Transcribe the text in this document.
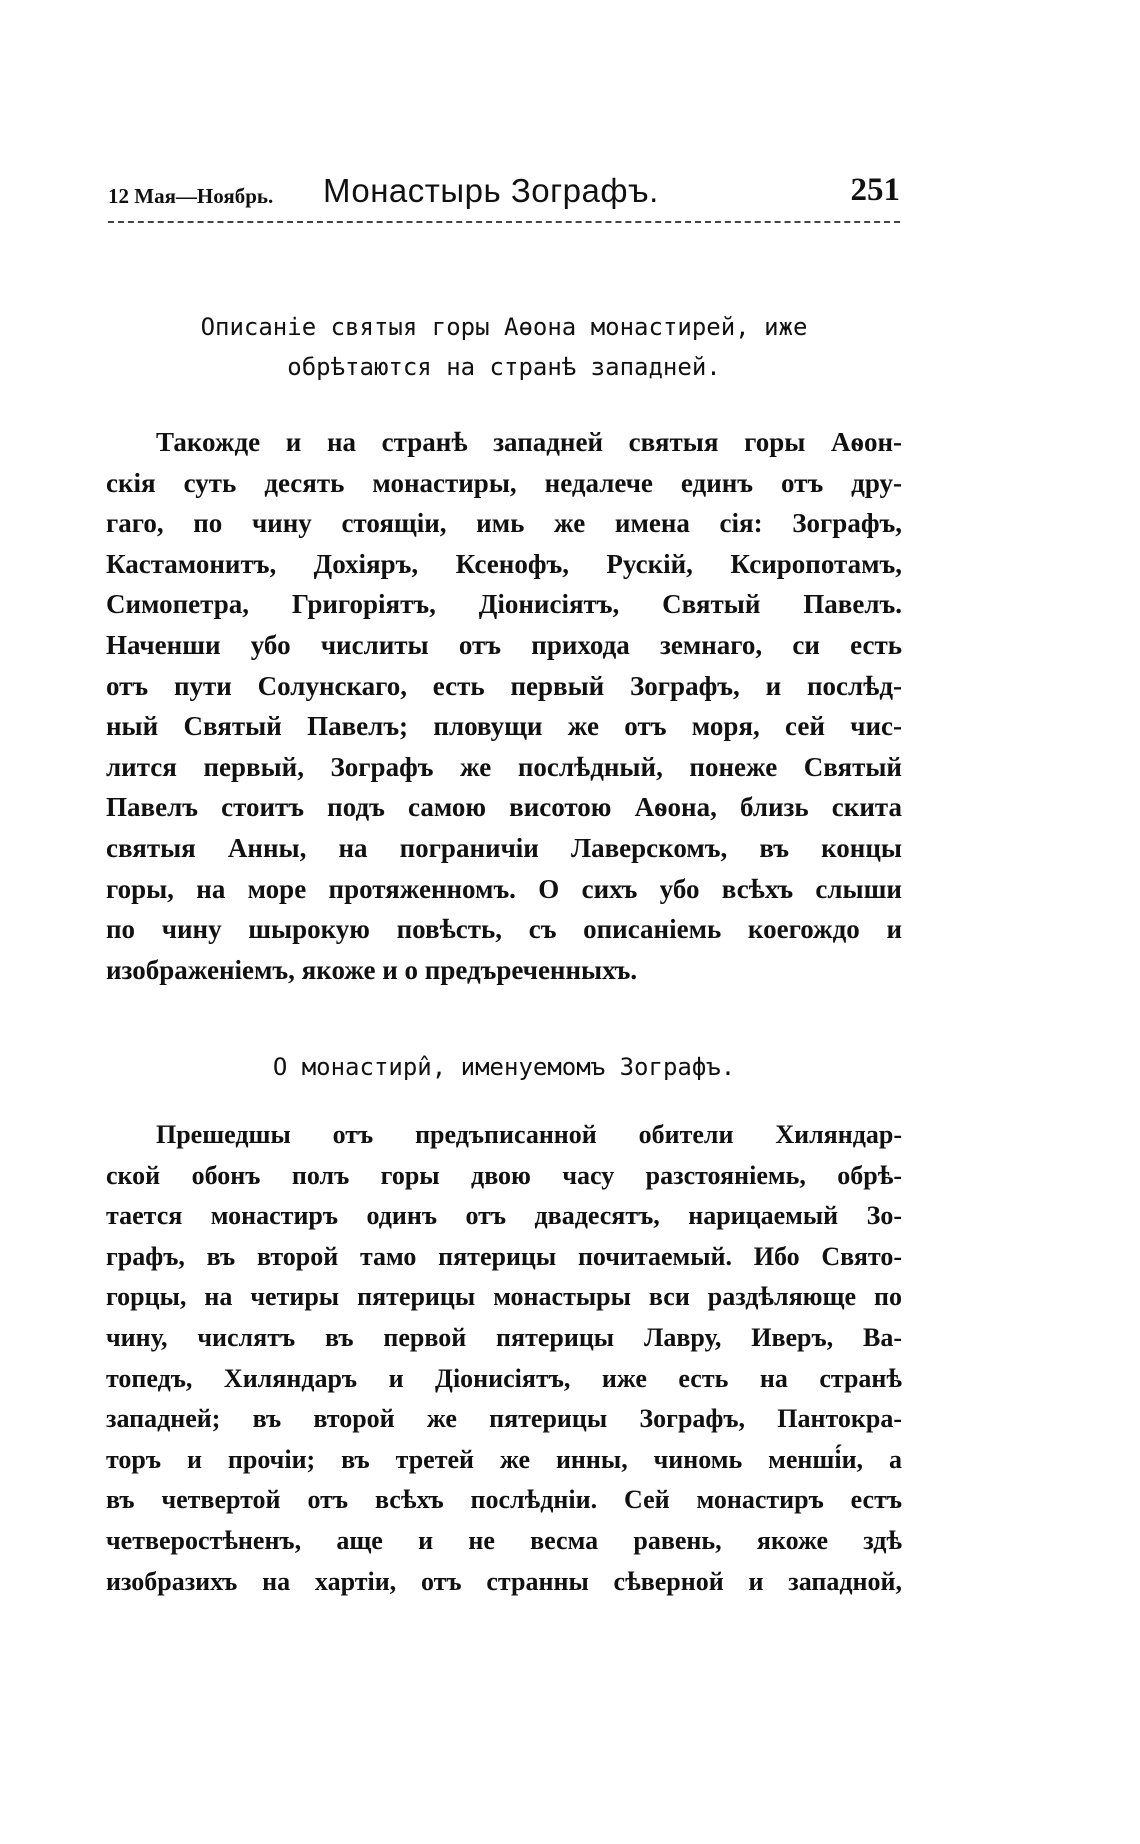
12 Мая—Ноябрь. Монастырь Зографъ.	251
Описаніе святыя горы Аѳона монастирей, иже
обрѣтаются на странѣ западней.
Такожде и на странѣ западней святыя горы Аѳон-
скія суть десять монастиры, недалече единъ отъ дру-
гаго, по чину стоящіи, имь же имена сія: Зографъ,
Кастамонитъ, Дохіяръ, Ксенофъ, Рускій, Ксиропотамъ,
Симопетра, Григоріятъ, Діонисіятъ, Святый Павелъ.
Наченши убо числиты отъ прихода земнаго, си есть
отъ пути Солунскаго, есть первый Зографъ, и послѣд-
ный Святый Павелъ; пловущи же отъ моря, сей чис-
лится первый, Зографъ же послѣдный, понеже Святый
Павелъ стоитъ подъ самою висотою Аѳона, близь скита
святыя Анны, на пограничіи Лаверскомъ, въ концы
горы, на море протяженномъ. О сихъ убо всѣхъ слыши
по чину шырокую повѣсть, съ описаніемь коегождо и
изображеніемъ, якоже и о предъреченныхъ.
О монастири̂, именуемомъ Зографъ.
Прешедшы отъ предъписанной обители Хиляндар-
ской обонъ полъ горы двою часу разстояніемь, обрѣ-
тается монастиръ одинъ отъ двадесятъ, нарицаемый Зо-
графъ, въ второй тамо пятерицы почитаемый. Ибо Свято-
горцы, на четиры пятерицы монастыры вси раздѣляюще по
чину, числятъ въ первой пятерицы Лавру, Иверъ, Ва-
топедъ, Хиляндаръ и Діонисіятъ, иже есть на странѣ
западней; въ второй же пятерицы Зографъ, Пантокра-
торъ и прочіи; въ третей же инны, чиномь менші́и, а
въ четвертой отъ всѣхъ послѣдніи. Сей монастиръ естъ
четверостѣненъ, аще и не весма равень, якоже здѣ
изобразихъ на хартіи, отъ странны сѣверной и западной,
